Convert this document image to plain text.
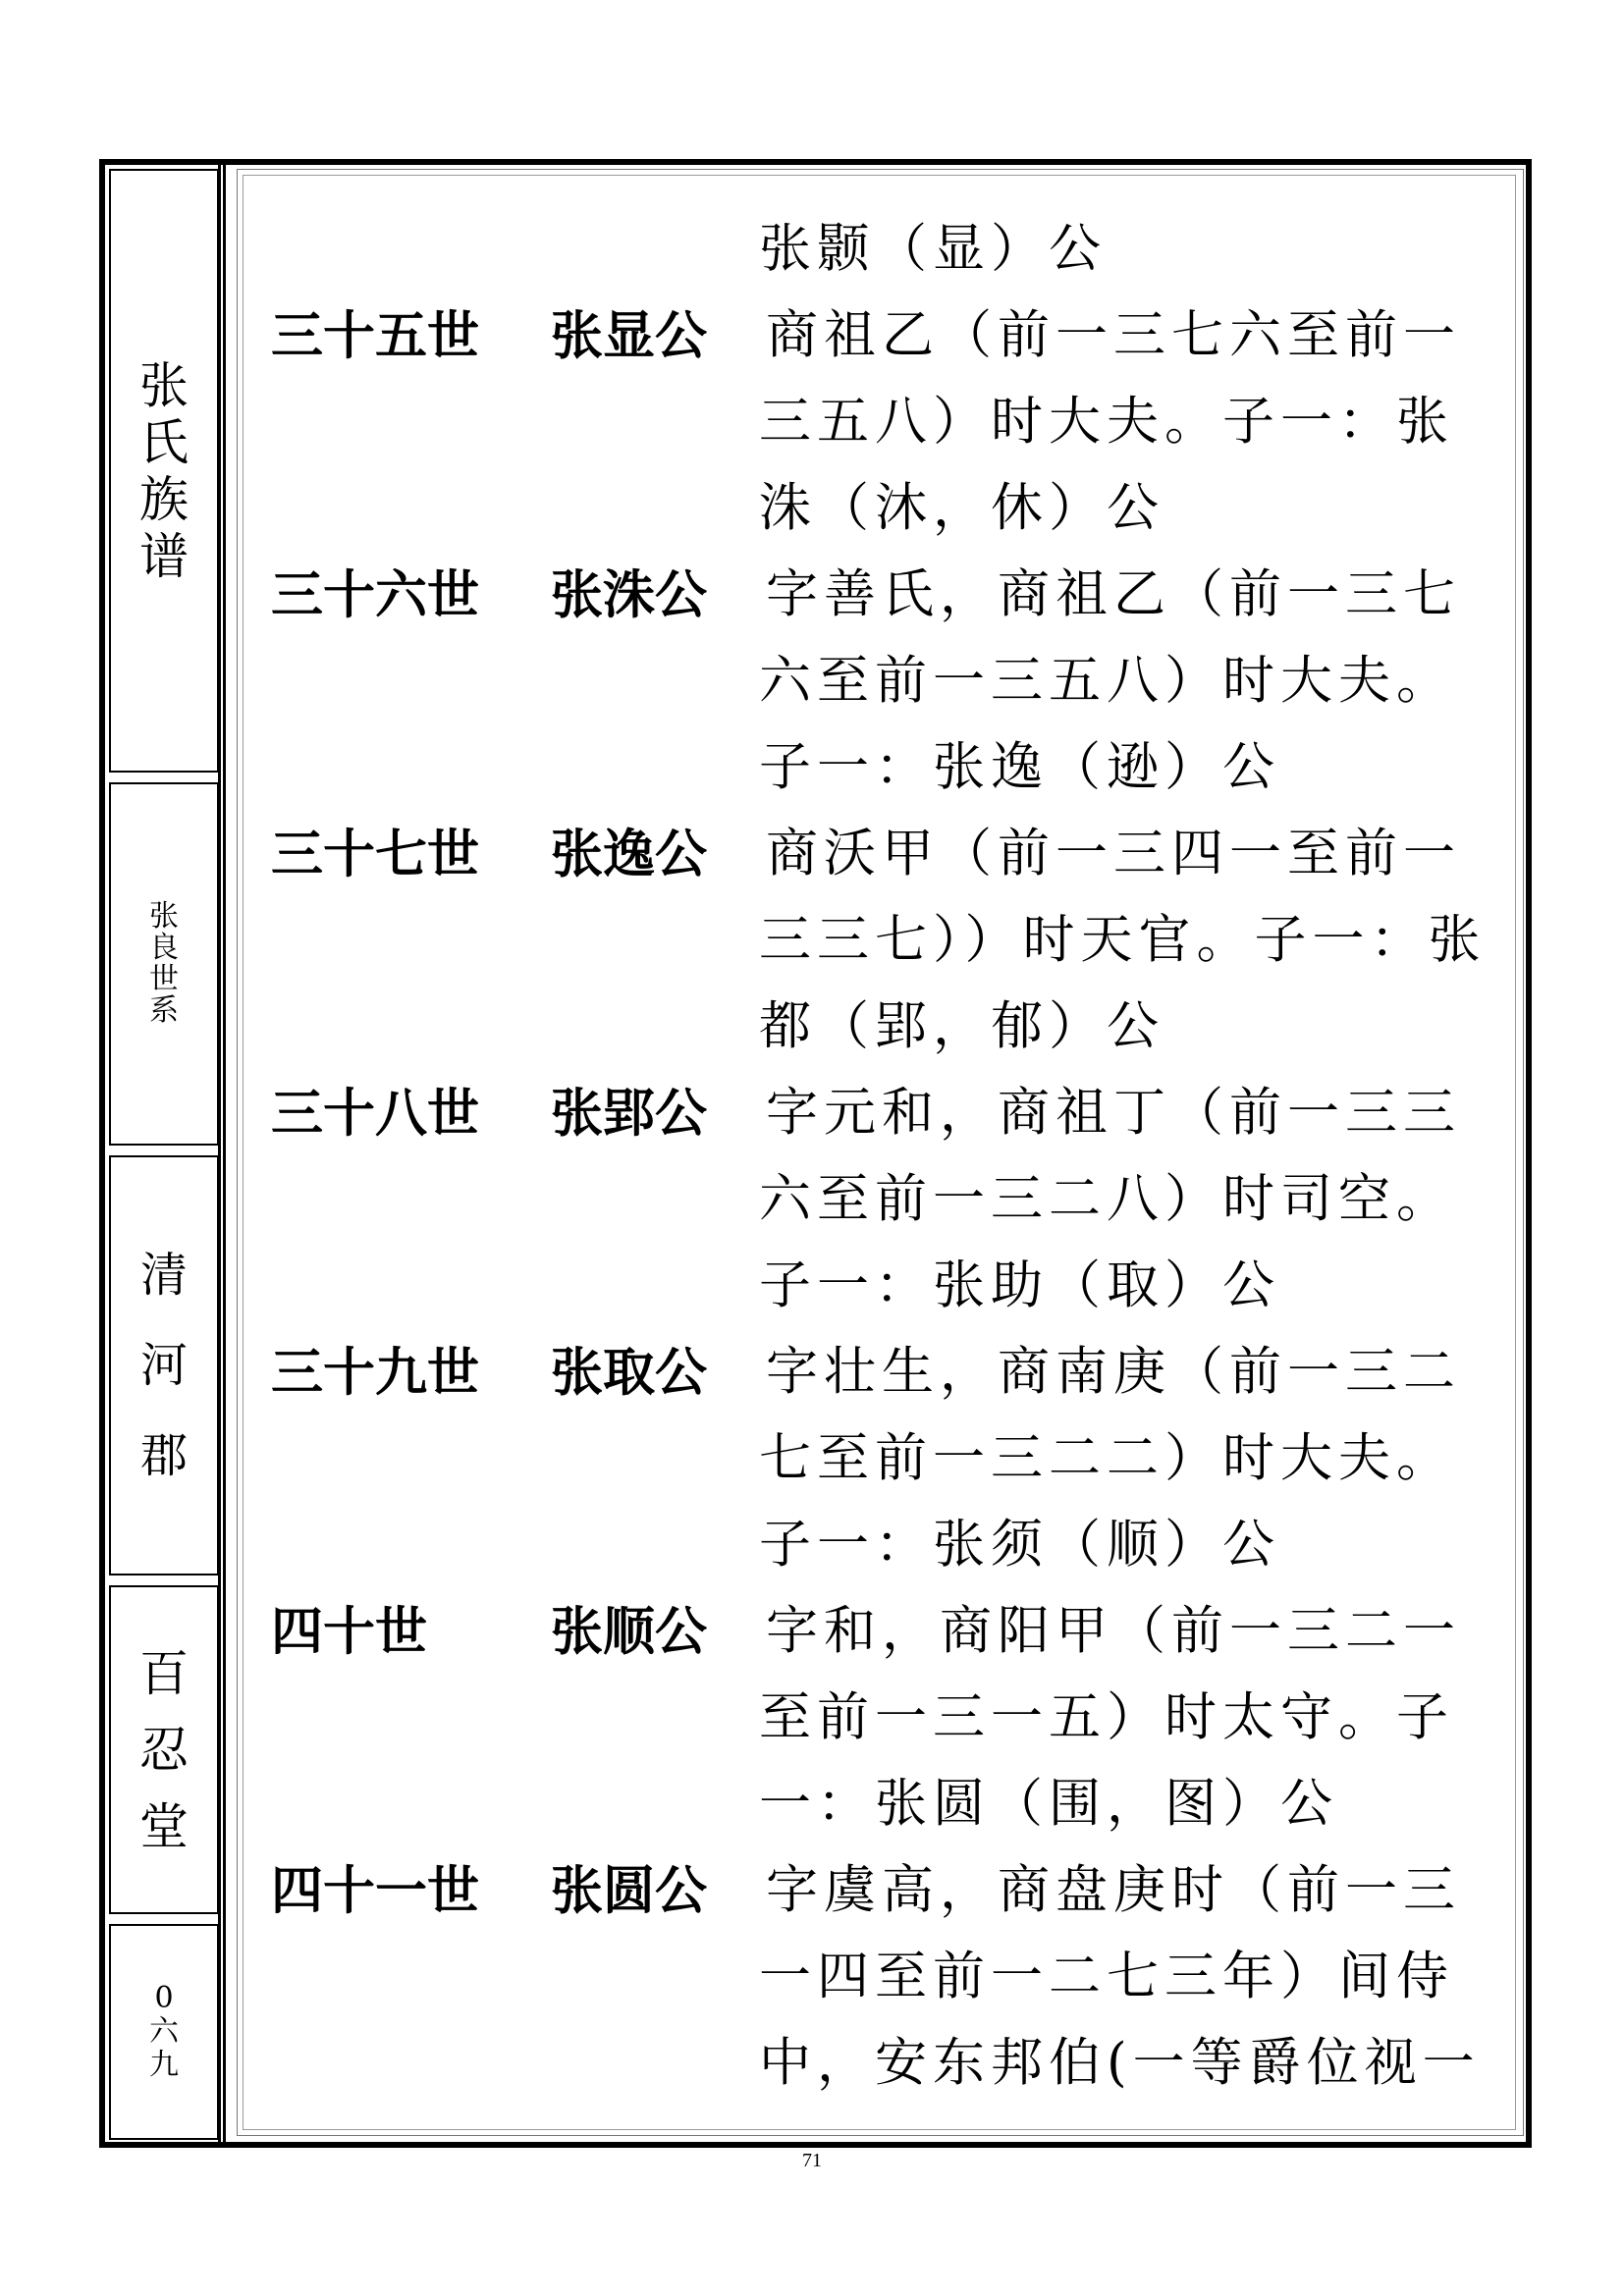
张
氏
族
谱
张
良
世
系
清
河
郡
百
忍
堂
0
六
九
张颢（显）公
三十五世 张显公 商祖乙（前一三七六至前一
三五八）时大夫。子一：张
洙（沐，休）公
三十六世 张洙公 字善氏，商祖乙（前一三七
六至前一三五八）时大夫。
子一：张逸（逊）公
三十七世 张逸公 商沃甲（前一三四一至前一
三三七））时天官。子一：张
都（郢，郁）公
三十八世 张郢公 字元和，商祖丁（前一三三
六至前一三二八）时司空。
子一：张助（取）公
三十九世 张取公 字壮生，商南庚（前一三二
七至前一三二二）时大夫。
子一：张须（顺）公
四十世 张顺公 字和，商阳甲（前一三二一
至前一三一五）时太守。子
一：张圆（围，图）公
四十一世 张圆公 字虞高，商盘庚时（前一三
一四至前一二七三年）间侍
中，安东邦伯(一等爵位视一
71
